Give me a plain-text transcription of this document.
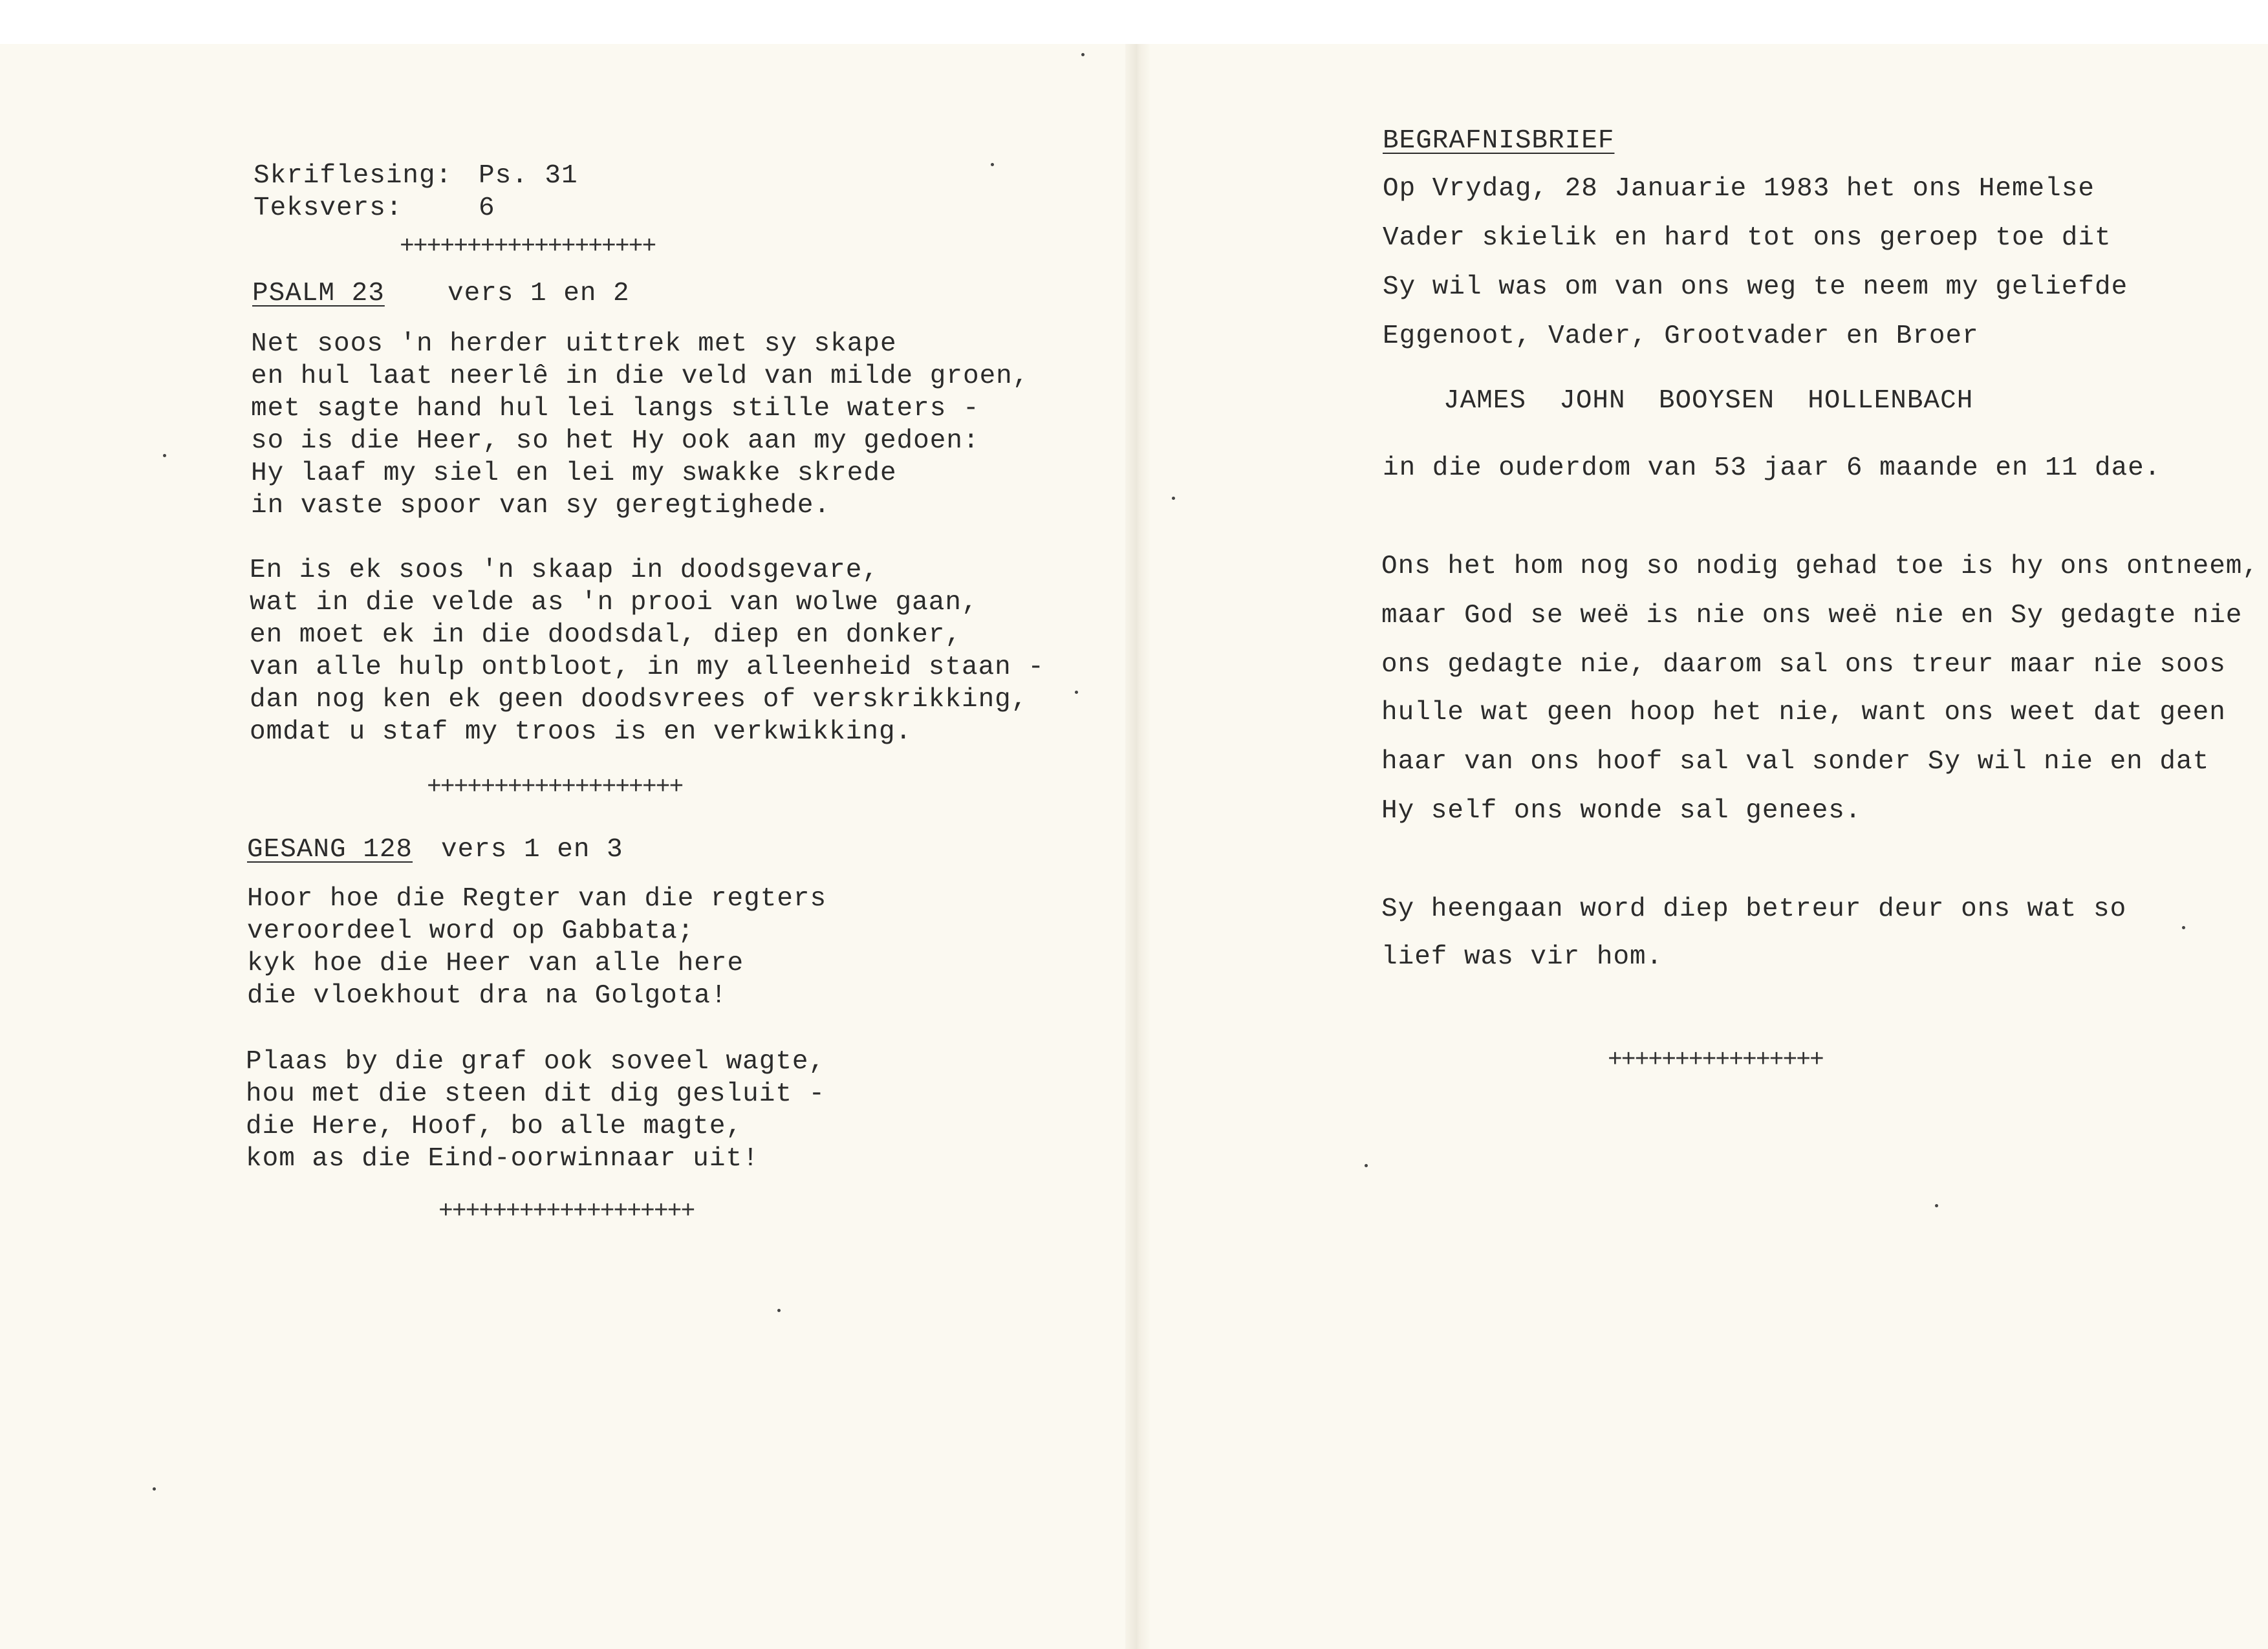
Skriflesing: Ps. 31
Teksvers:	6
+++++++++++++++++++
PSALM 23 vers 1 en 2
Net soos 'n herder uittrek met sy skape
en hul laat neerlê in die veld van milde groen,
met sagte hand hul lei langs stille waters -
so is die Heer, so het Hy ook aan my gedoen:
Hy laaf my siel en lei my swakke skrede
in vaste spoor van sy geregtighede.
En is ek soos 'n skaap in doodsgevare,
wat in die velde as 'n prooi van wolwe gaan,
en moet ek in die doodsdal, diep en donker,
van alle hulp ontbloot, in my alleenheid staan -
dan nog ken ek geen doodsvrees of verskrikking,
omdat u staf my troos is en verkwikking.
+++++++++++++++++++
GESANG 128 vers 1 en 3
Hoor hoe die Regter van die regters
veroordeel word op Gabbata;
kyk hoe die Heer van alle here
die vloekhout dra na Golgota!
Plaas by die graf ook soveel wagte,
hou met die steen dit dig gesluit -
die Here, Hoof, bo alle magte,
kom as die Eind-oorwinnaar uit!
+++++++++++++++++++
BEGRAFNISBRIEF
Op Vrydag, 28 Januarie 1983 het ons Hemelse
Vader skielik en hard tot ons geroep toe dit
Sy wil was om van ons weg te neem my geliefde
Eggenoot, Vader, Grootvader en Broer
JAMES  JOHN  BOOYSEN  HOLLENBACH
in die ouderdom van 53 jaar 6 maande en 11 dae.
Ons het hom nog so nodig gehad toe is hy ons ontneem,
maar God se weë is nie ons weë nie en Sy gedagte nie
ons gedagte nie, daarom sal ons treur maar nie soos
hulle wat geen hoop het nie, want ons weet dat geen
haar van ons hoof sal val sonder Sy wil nie en dat
Hy self ons wonde sal genees.
Sy heengaan word diep betreur deur ons wat so
lief was vir hom.
++++++++++++++++
